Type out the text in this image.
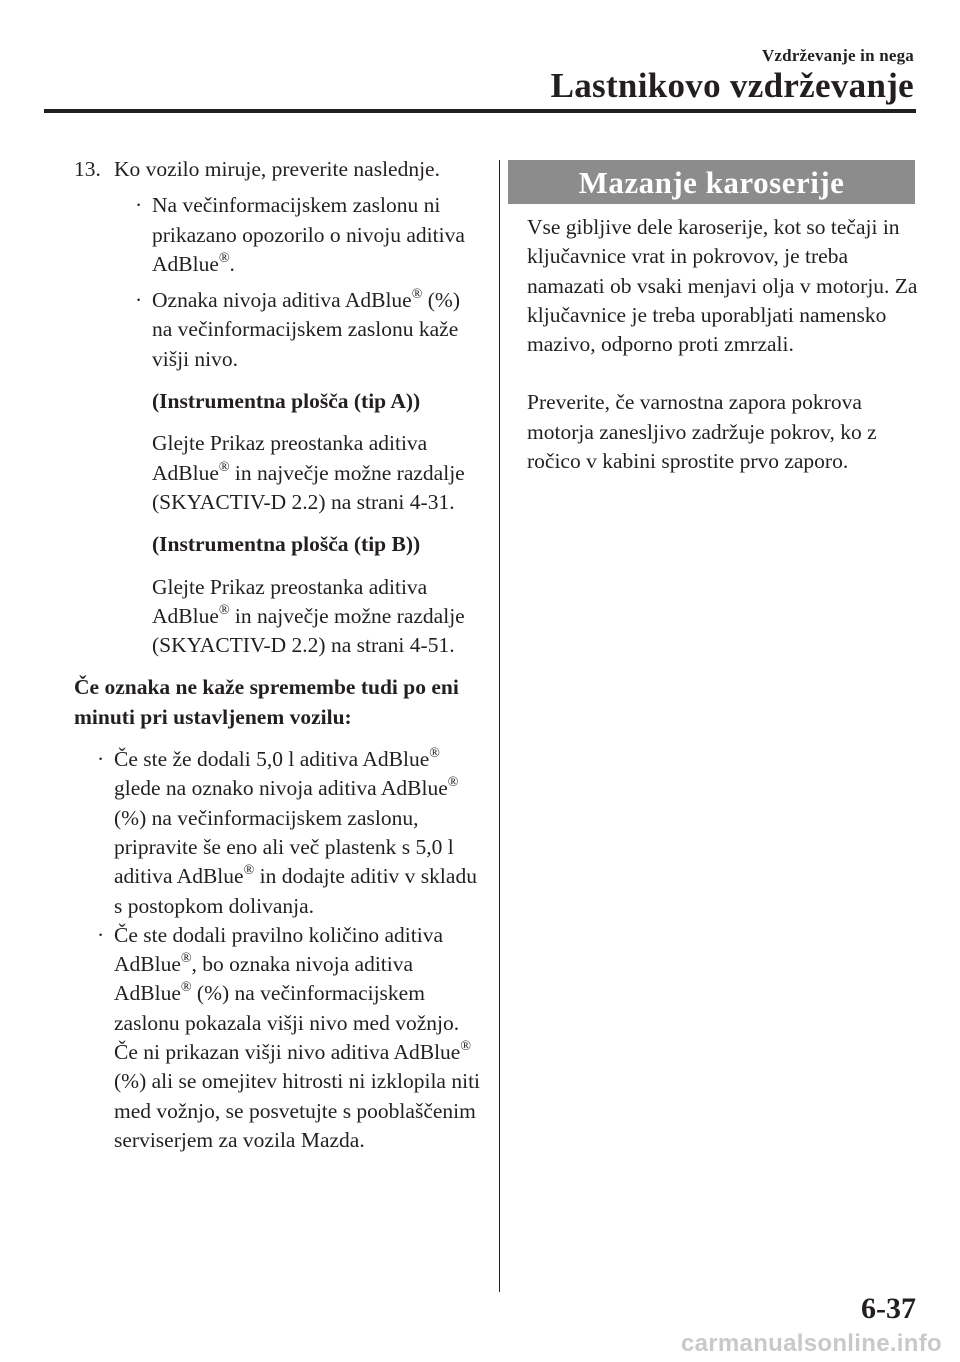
Vzdrževanje in nega
Lastnikovo vzdrževanje

13. Ko vozilo miruje, preverite naslednje.

· Na večinformacijskem zaslonu ni prikazano opozorilo o nivoju aditiva AdBlue®.
· Oznaka nivoja aditiva AdBlue® (%) na večinformacijskem zaslonu kaže višji nivo.
(Instrumentna plošča (tip A))
Glejte Prikaz preostanka aditiva AdBlue® in največje možne razdalje (SKYACTIV-D 2.2) na strani 4-31.
(Instrumentna plošča (tip B))
Glejte Prikaz preostanka aditiva AdBlue® in največje možne razdalje (SKYACTIV-D 2.2) na strani 4-51.
Če oznaka ne kaže spremembe tudi po eni minuti pri ustavljenem vozilu:
· Če ste že dodali 5,0 l aditiva AdBlue® glede na oznako nivoja aditiva AdBlue® (%) na večinformacijskem zaslonu, pripravite še eno ali več plastenk s 5,0 l aditiva AdBlue® in dodajte aditiv v skladu s postopkom dolivanja.
· Če ste dodali pravilno količino aditiva AdBlue®, bo oznaka nivoja aditiva AdBlue® (%) na večinformacijskem zaslonu pokazala višji nivo med vožnjo. Če ni prikazan višji nivo aditiva AdBlue® (%) ali se omejitev hitrosti ni izklopila niti med vožnjo, se posvetujte s pooblaščenim serviserjem za vozila Mazda.
Mazanje karoserije

Vse gibljive dele karoserije, kot so tečaji in ključavnice vrat in pokrovov, je treba namazati ob vsaki menjavi olja v motorju. Za ključavnice je treba uporabljati namensko mazivo, odporno proti zmrzali.

Preverite, če varnostna zapora pokrova motorja zanesljivo zadržuje pokrov, ko z ročico v kabini sprostite prvo zaporo.

6-37
carmanualsonline.info
